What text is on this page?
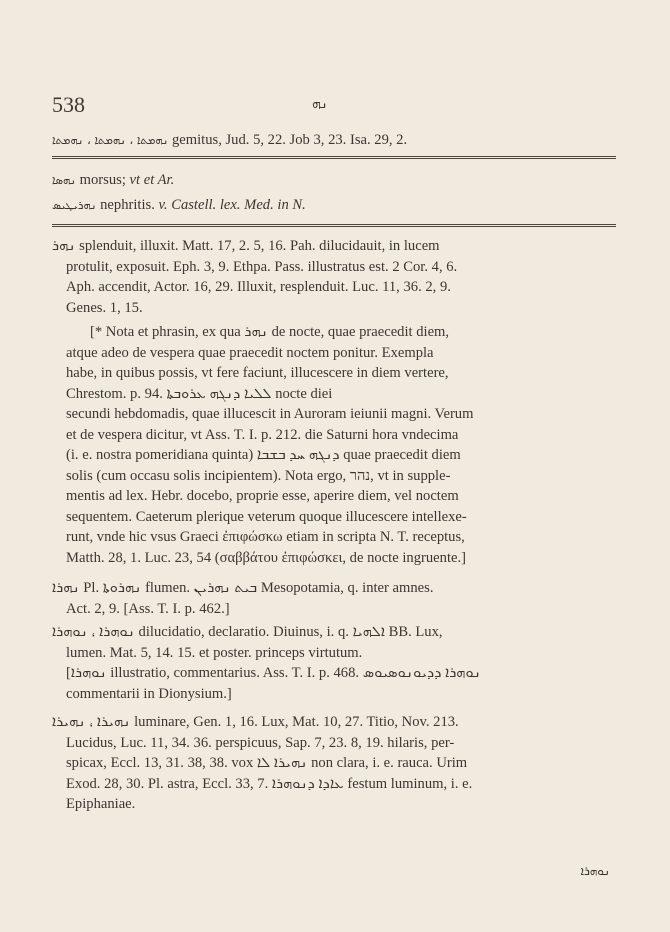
538	ܢܗ
ܢܗܡܬܐ ، ܢܗܡܬܐ ، ܢܗܡܬܐ gemitus, Jud. 5, 22. Job 3, 23. Isa. 29, 2.
ܢܗܣܐ morsus; vt et Ar.
ܢܗܪܝܛܝܣ nephritis. v. Castell. lex. Med. in N.
ܢܗܪ splenduit, illuxit. Matt. 17, 2. 5, 16. Pah. dilucidauit, in lucem
protulit, exposuit. Eph. 3, 9. Ethpa. Pass. illustratus est. 2 Cor. 4, 6.
Aph. accendit, Actor. 16, 29. Illuxit, resplenduit. Luc. 11, 36. 2, 9.
Genes. 1, 15.
[* Nota et phrasin, ex qua ܢܗܪ de nocte, quae praecedit diem,
atque adeo de vespera quae praecedit noctem ponitur. Exempla
habe, in quibus possis, vt fere faciunt, illucescere in diem vertere,
Chrestom. p. 94. ܠܠܝܐ ܕܢܓܗ ܥܪܘܒܬܐ nocte diei
secundi hebdomadis, quae illucescit in Auroram ieiunii magni. Verum
et de vespera dicitur, vt Ass. T. I. p. 212. die Saturni hora vndecima
(i. e. nostra pomeridiana quinta) ܕܢܓܗ ܚܕ ܒܫܒܐ quae praecedit diem
solis (cum occasu solis incipientem). Nota ergo, נהר, vt in supple-
mentis ad lex. Hebr. docebo, proprie esse, aperire diem, vel noctem
sequentem. Caeterum plerique veterum quoque illucescere intellexe-
runt, vnde hic vsus Graeci ἐπιφώσκω etiam in scripta N. T. receptus,
Matth. 28, 1. Luc. 23, 54 (σαββάτου ἐπιφώσκει, de nocte ingruente.]
ܢܗܪܐ Pl. ܢܗܪܘܬܐ flumen. ܒܝܬ ܢܗܪܝܢ Mesopotamia, q. inter amnes.
Act. 2, 9. [Ass. T. I. p. 462.]
ܢܘܗܪܐ ، ܢܘܗܪܐ dilucidatio, declaratio. Diuinus, i. q. ܐܠܗܝܐ BB. Lux,
lumen. Mat. 5, 14. 15. et poster. princeps virtutum.
[ܢܘܗܪܐ illustratio, commentarius. Ass. T. I. p. 468. ܢܘܗܪܐ ܕܕܝܘܢܘܣܝܘܣ
commentarii in Dionysium.]
ܢܗܝܪܐ ، ܢܗܝܪܐ luminare, Gen. 1, 16. Lux, Mat. 10, 27. Titio, Nov. 213.
Lucidus, Luc. 11, 34. 36. perspicuus, Sap. 7, 23. 8, 19. hilaris, per-
spicax, Eccl. 13, 31. 38, 38. vox ܢܗܝܪܐ ܠܐ non clara, i. e. rauca. Urim
Exod. 28, 30. Pl. astra, Eccl. 33, 7. ܥܐܕܐ ܕܢܘܗܪܐ festum luminum, i. e.
Epiphaniae.
ܢܘܗܪܐ
